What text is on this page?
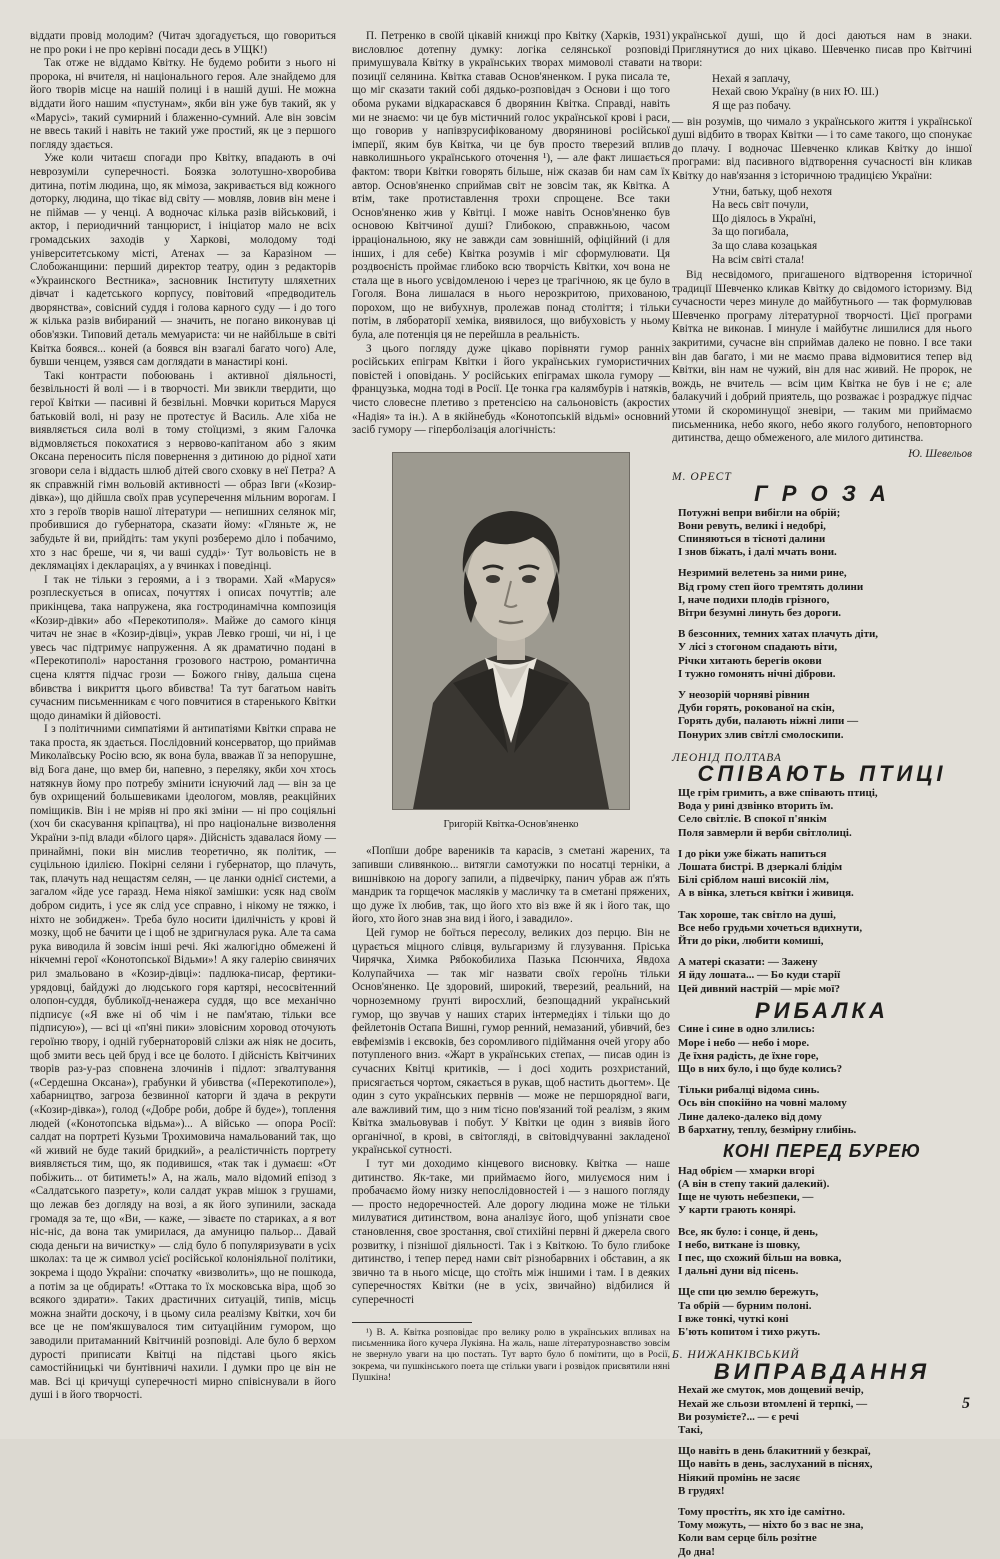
віддати провід молодим? (Читач здогадується, що говориться не про роки і не про керівні посади десь в УЩК!)

Так отже не віддамо Квітку. Не будемо робити з нього ні пророка, ні вчителя, ні національного героя. Але знайдемо для його творів місце на нашій полиці і в нашій душі. Не можна віддати його нашим «пустунам», якби він уже був такий, як у «Марусі», такий сумирний і блаженно-сумний. Але він зовсім не ввесь такий і навіть не такий уже простий, як це з першого погляду здається.

Уже коли читаєш спогади про Квітку, впадають в очі неврозуміли суперечності. Боязка золотушно-хворобива дитина, потім людина, що, як мімоза, закривається від кожного доторку, людина, що тікає від світу — мовляв, ловив він мене і не піймав — у ченці. А водночас кілька разів військовий, і актор, і периодичний танцюрист, і ініціатор мало не всіх громадських заходів у Харкові, молодому тоді університетському місті, Атенах — за Каразіном — Слобожанщини: перший директор театру, один з редакторів «Украинского Вестника», засновник Інституту шляхетних дівчат і кадетського корпусу, повітовий «предводитель дворянства», совісний суддя і голова карного суду — і до того ж кілька разів вибираний — значить, не погано виконував ці обов'язки. Типовий деталь мемуариста: чи не найбільше в світі Квітка боявся... коней (а боявся він взагалі багато чого) Але, бувши ченцем, узявся сам доглядати в манастирі коні.

Такі контрасти побоювань і активної діяльності, безвільності й волі — і в творчості. Ми звикли твердити, що герої Квітки — пасивні й безвільні. Мовчки кориться Маруся батьковій волі, ні разу не протестує й Василь. Але хіба не виявляється сила волі в тому стоїцизмі, з яким Галочка відмовляється покохатися з нервово-капітаном або з яким Оксана переносить після повернення з дитиною до рідної хати зговори села і віддасть шлюб дітей свого сховку в неї Петра? А як справжній гімн вольовій активності — образ Івги («Козир-дівка»), що дійшла своїх прав усуперечення мільним ворогам. І хто з героїв творів нашої літератури — непишних селянок міг, пробившися до губернатора, сказати йому: «Гляньте ж, не забудьте й ви, прийдіть: там укупі розберемо діло і побачимо, хто з нас бреше, чи я, чи ваші судді»· Тут вольовість не в деклямаціях і деклараціях, а у вчинках і поведінці.

І так не тільки з героями, а і з творами. Хай «Маруся» розплескується в описах, почуттях і описах почуттів; але прикінцева, така напружена, яка гостродинамічна композиція «Козир-дівки» або «Перекотиполя». Майже до самого кінця читач не знає в «Козир-дівці», украв Левко гроші, чи ні, і це увесь час підтримує напруження. А як драматично подані в «Перекотиполі» наростання грозового настрою, романтична сцена кляття підчас грози — Божого гніву, дальша сцена вбивства і викриття цього вбивства! Та тут багатьом навіть сучасним письменникам є чого повчитися в старенького Квітки щодо динаміки й дійовості.

І з політичними симпатіями й антипатіями Квітки справа не така проста, як здається. Послідовний консерватор, що приймав Миколаївську Росію всю, як вона була, вважав її за непорушне, від Бога дане, що вмер би, напевно, з переляку, якби хоч хтось натякнув йому про потребу змінити існуючий лад — він за це був охрищений большевиками ідеологом, мовляв, реакційних поміщиків. Він і не мріяв ні про які зміни — ні про соціяльні (хоч би скасування кріпацтва), ні про національне визволення України з-під влади «білого царя». Дійсність здавалася йому — принаймні, поки він мислив теоретично, як політик, — суцільною ідилією. Покірні селяни і губернатор, що плачуть, так, плачуть над нещастям селян, — це ланки однієї системи, а загалом «йде усе гаразд. Нема ніякої замішки: усяк над своїм добром сидить, і усе як слід усе справно, і нікому не тяжко, і ніхто не зобиджен». Треба було носити ідилічність у крові й мозку, щоб не бачити це і щоб не здригнулася рука. Але та сама рука виводила й зовсім інші речі. Які жалюгідно обмежені й нікчемні герої «Конотопської Відьми»! А яку галерію свинячих рил змальовано в «Козир-дівці»: падлюка-писар, фертики-урядовці, байдужі до людського горя картярі, несосвітенний олопон-суддя, бубликоїд-ненажера суддя, що все механічно підписує («Я вже ні об чім і не пам'ятаю, тільки все підписую»), — всі ці «п'яні пики» зловісним хоровод оточують героїню твору, і одній губернаторовій слізки аж ніяк не досить, щоб змити весь цей бруд і все це болото. І дійсність Квітчиних творів раз-у-раз сповнена злочинів і підлот: зґвалтування («Сердешна Оксана»), грабунки й убивства («Перекотиполе»), хабарництво, загроза безвинної каторги й здача в рекрути («Козир-дівка»), голод («Добре роби, добре й буде»), топлення людей («Конотопська відьма»)... А військо — опора Росії: салдат на портреті Кузьми Трохимовича намальований так, що «й живий не буде такий бридкий», а реалістичність портрету виявляється тим, що, як подивишся, «так так і думаєш: «От побіжить... от битиметь!» А, на жаль, мало відомий епізод з «Салдатського пазрету», коли салдат украв мішок з грушами, що лежав без догляду на возі, а як його зупинили, заскада громадя за те, що «Ви, — каже, — зіваєте по стариках, а я вот ніс-ніс, да вона так умирилася, да амуницю пальор... Давай сюда деньги на вичистку» — слід було б популяризувати в усіх школах: та це ж символ усієї російської колоніяльної політики, зокрема і щодо України: спочатку «визволить», що не пошкода, а потім за це обдирать! «Оттака то їх московська віра, щоб зо всякого здирати». Таких драстичних ситуацій, типів, місць можна знайти доскочу, і в цьому сила реалізму Квітки, хоч би все це не пом'якшувалося тим ситуаційним гумором, що заводили притаманний Квітчиній розповіді. Але було б верхом дурості приписати Квітці на підставі цього якісь самостійницькі чи бунтівничі нахили. І думки про це він не мав. Всі ці кричущі суперечності мирно співіснували в його душі і в його творчості.

П. Петренко в своїй цікавій книжці про Квітку (Харків, 1931) висловлює дотепну думку: логіка селянської розповіді примушувала Квітку в українських творах мимоволі ставати на позиції селянина. Квітка ставав Основ'яненком. І рука писала те, що міг сказати такий собі дядько-розповідач з Основи і що того обома руками відкараскався б дворянин Квітка. Справді, навіть ми не знаємо: чи це був містичний голос української крові і раси, що говорив у напівзрусифікованому дворянинові російської імперії, яким був Квітка, чи це був просто тверезий вплив навколишнього українського оточення ¹), — але факт лишається фактом: твори Квітки говорять більше, ніж сказав би нам сам їх автор. Основ'яненко сприймав світ не зовсім так, як Квітка. А втім, таке протиставлення трохи спрощене. Все таки Основ'яненко жив у Квітці. І може навіть Основ'яненко був основою Квітчиної душі? Глибокою, справжньою, часом ірраціональною, яку не завжди сам зовнішній, офіційний (і для інших, і для себе) Квітка розумів і міг сформулювати. Ця роздвоєність проймає глибоко всю творчість Квітки, хоч вона не стала ще в нього усвідомленою і через це трагічною, як це було в Гоголя. Вона лишалася в нього нерозкритою, прихованою, порохом, що не вибухнув, пролежав понад століття; і тільки потім, в лябораторії хеміка, виявилося, що вибуховість у ньому була, але потенція ця не перейшла в реальність.

З цього погляду дуже цікаво порівняти гумор ранніх російських епіграм Квітки і його українських гумористичних повістей і оповідань. У російських епіграмах школа гумору — французька, модна тоді в Росії. Це тонка гра калямбурів і натяків, чисто словесне плетиво з претенсією на сальоновість (акростих «Надія» та ін.). А в якійнебудь «Конотопській відьмі» основний засіб гумору — гіперболізація алогічність:

Григорій Квітка-Основ'яненко

«Попїши добре вареників та карасів, з сметані жарених, та запивши сливянкою... витягли самотужки по носатці терніки, а вишнівкою на дорогу запили, а підвечірку, панич убрав аж п'ять мандрик та горщечок масляків у масличку та в сметані пряжених, що дуже їх любив, так, що його хто віз вже й як і його так, що його, хто його знав зна вид і його, і завадило».

Цей гумор не боїться пересолу, великих доз перцю. Він не цурається міцного слівця, вульгаризму й глузування. Пріська Чирячка, Химка Рябокобилиха Пазька Псюнчиха, Явдоха Колупайчиха — так міг назвати своїх героїнь тільки Основ'яненко. Це здоровий, широкий, тверезий, реальний, на чорноземному ґрунті виросхлий, безпощадний український гумор, що звучав у наших старих інтермедіях і тільки що до фейлетонів Остапа Вишні, гумор ренний, немазаний, убивчий, без евфемізмів і ексвоків, без соромливого підіймання очей угору або потупленого вниз. «Жарт в українських степах, — писав один із сучасних Квітці критиків, — і досі ходить розхристаний, присягається чортом, сякається в рукав, щоб настить дьогтем». Це один з суто українських первнів — може не першорядної ваги, але важливий тим, що з ним тісно пов'язаний той реалізм, з яким Квітка змальовував і побут. У Квітки це один з виявів його органічної, в крові, в світогляді, в світовідчуванні закладеної української сутності.

І тут ми доходимо кінцевого висновку. Квітка — наше дитинство. Як-таке, ми приймаємо його, милуємося ним і пробачаємо йому низку непослідовностей і — з нашого погляду — просто недоречностей. Але дорогу людина може не тільки милуватися дитинством, вона аналізує його, щоб упізнати свое становлення, свое зростання, свої стихійні первні й джерела свого розвитку, і пізнішої діяльності. Так і з Квіткою. То було глибоке дитинство, і тепер перед нами світ різнобарвних і обставин, а як звично та в нього місце, що стоїть між іншими і там. І в деяких суперечностях Квітки (не в усіх, звичайно) відбилися й суперечності

¹) В. А. Квітка розповідає про велику ролю в українських впливах на письменника його кучера Лукіяна. На жаль, наше літературознавство зовсім не звернуло уваги на цю постать. Тут варто було б помітити, що в Росії, зокрема, чи пушкінського поета ще стільки уваги і розвідок присвятили няні Пушкіна!

української душі, що й досі даються нам в знаки. Приглянутися до них цікаво. Шевченко писав про Квітчині твори:

Нехай я заплачу,
Нехай свою Україну (в них Ю. Ш.)
Я ще раз побачу.

— він розумів, що чимало з українського життя і української душі відбито в творах Квітки — і то саме такого, що спонукає до плачу. І водночас Шевченко кликав Квітку до іншої програми: від пасивного відтворення сучасності він кликав Квітку до нав'язання з історичною традицією України:

Утни, батьку, щоб нехотя
На весь світ почули,
Що діялось в Україні,
За що погибала,
За що слава козацькая
На всім світі стала!

Від несвідомого, пригашеного відтворення історичної традиції Шевченко кликав Квітку до свідомого історизму. Від сучасности через минуле до майбутнього — так формулював Шевченко програму літературної творчості. Цієї програми Квітка не виконав. І минуле і майбутнє лишилися для нього закритими, сучасне він сприймав далеко не повно. І все таки він дав багато, і ми не маємо права відмовитися тепер від Квітки, він нам не чужий, він для нас живий. Не пророк, не вождь, не вчитель — всім цим Квітка не був і не є; але балакучий і добрий приятель, що розважає і розраджує підчас утоми й скороминущої зневіри, — таким ми приймаємо письменника, небо якого, небо якого голубого, неповторного дитинства, дещо обмеженого, але милого дитинства.

Ю. Шевельов
М. ОРЕСТ
Г Р О З А
Потужні вепри вибігли на обрій;
Вони ревуть, великі і недобрі,
Спиняються в тісноті далини
І знов біжать, і далі мчать вони.
Незримий велетень за ними рине,
Від грому степ його тремтять долини
І, наче подихи плодів грізного,
Вітри безумні линуть без дороги.
В безсонних, темних хатах плачуть діти,
У лісі з стогоном спадають віти,
Річки хитають берегів окови
І тужно гомонять нічні діброви.
У неозорій чорняві рівнин
Дуби горять, рокованої на скін,
Горять дуби, палають ніжні липи —
Понурих злив світлі смолоскипи.
ЛЕОНІД ПОЛТАВА
СПІВАЮТЬ ПТИЦІ
Ще грім гримить, а вже співають птиці,
Вода у рині дзвінко вторить їм.
Село світліє. В спокої п'янкім
Поля завмерли й верби світлолиці.
І до ріки уже біжать напиться
Лошата бистрі. В дзеркалі блідім
Білі сріблом наші високій лім,
А в вінка, злеться квітки і живиця.
Так хороше, так світло на душі,
Все небо грудьми хочеться вдихнути,
Йти до ріки, любити комиші,
А матері сказати: — Зажену
Я йду лошата... — Бо куди старії
Цей дивний настрій — мріє мої?
РИБАЛКА
Сине і сине в одно злились:
Море і небо — небо і море.
Де їхня радість, де їхне горе,
Що в них було, і що буде колись?
Тільки рибалці відома синь.
Ось він спокійно на човні малому
Лине далеко-далеко від дому
В бархатну, теплу, безмірну глибінь.
КОНІ ПЕРЕД БУРЕЮ
Над обрієм — хмарки вгорі
(А він в степу такий далекий).
Іще не чують небезпеки, —
У карти грають конярі.
Все, як було: і сонце, й день,
І небо, виткане із шовку,
І пес, що схожий більш на вовка,
І дальні дуни від пісень.
Ще спи цю землю бережуть,
Та обрій — бурним полоні.
І вже тонкі, чуткі коні
Б'ють копитом і тихо ржуть.
Б. НИЖАНКІВСЬКИЙ
ВИПРАВДАННЯ
Нехай же смуток, мов дощевий вечір,
Нехай же сльози втомлені й терпкі, —
Ви розумієте?... — є речі
Такі,
Що навіть в день блакитний у безкраї,
Що навіть в день, заслуханий в піснях,
Ніякий промінь не засяє
В грудях!
Тому простіть, як хто іде самітно.
Тому можуть, — ніхто бо з вас не зна,
Коли вам серце біль розітне
До дна!
5
